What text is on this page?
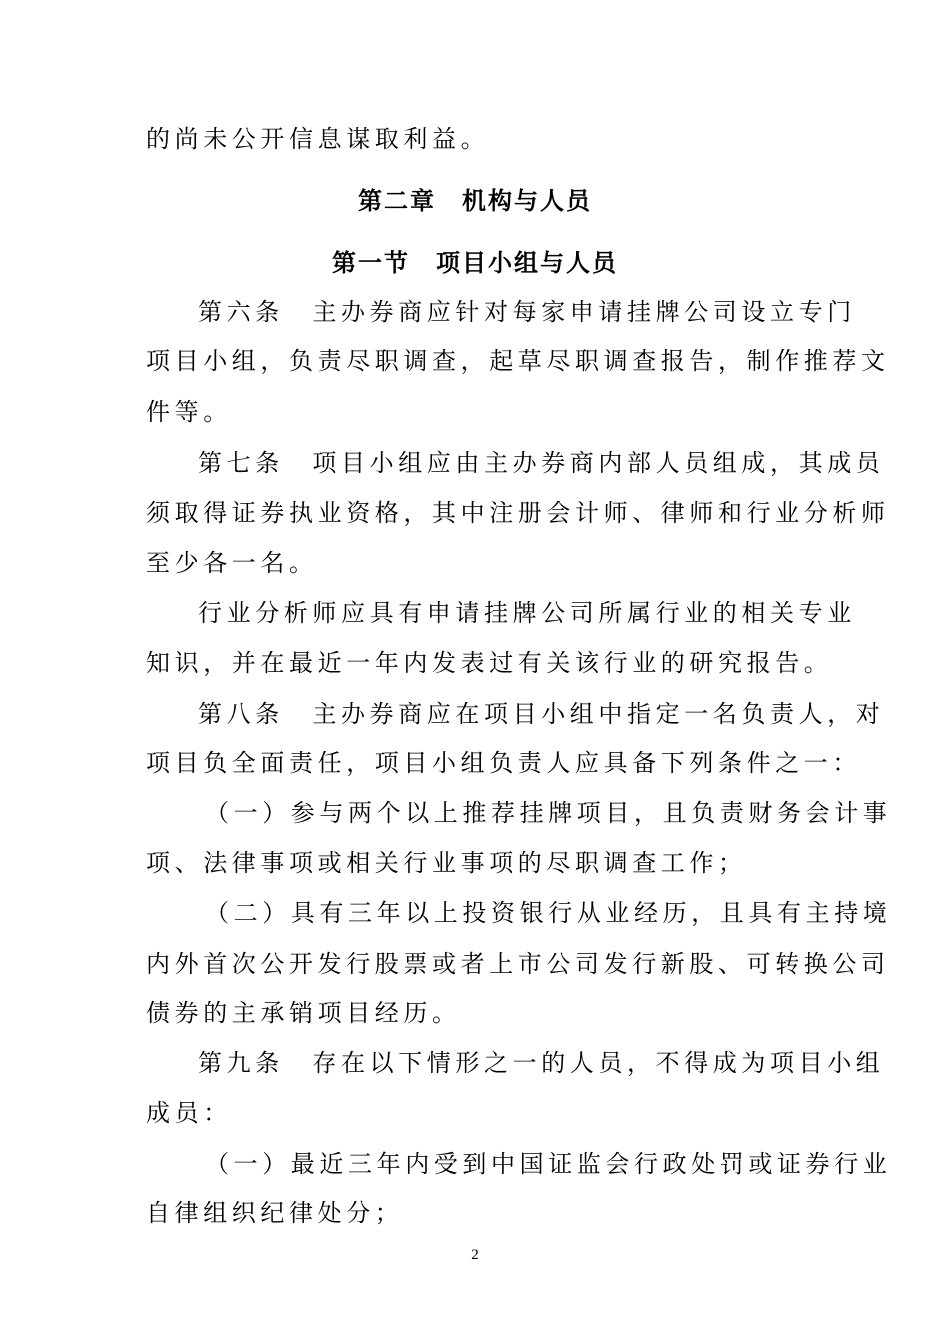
的尚未公开信息谋取利益。
第二章　机构与人员
第一节　项目小组与人员
第六条　主办券商应针对每家申请挂牌公司设立专门
项目小组，负责尽职调查，起草尽职调查报告，制作推荐文
件等。
第七条　项目小组应由主办券商内部人员组成，其成员
须取得证券执业资格，其中注册会计师、律师和行业分析师
至少各一名。
行业分析师应具有申请挂牌公司所属行业的相关专业
知识，并在最近一年内发表过有关该行业的研究报告。
第八条　主办券商应在项目小组中指定一名负责人，对
项目负全面责任，项目小组负责人应具备下列条件之一：
（一）参与两个以上推荐挂牌项目，且负责财务会计事
项、法律事项或相关行业事项的尽职调查工作；
（二）具有三年以上投资银行从业经历，且具有主持境
内外首次公开发行股票或者上市公司发行新股、可转换公司
债券的主承销项目经历。
第九条　存在以下情形之一的人员，不得成为项目小组
成员：
（一）最近三年内受到中国证监会行政处罚或证券行业
自律组织纪律处分；
2
